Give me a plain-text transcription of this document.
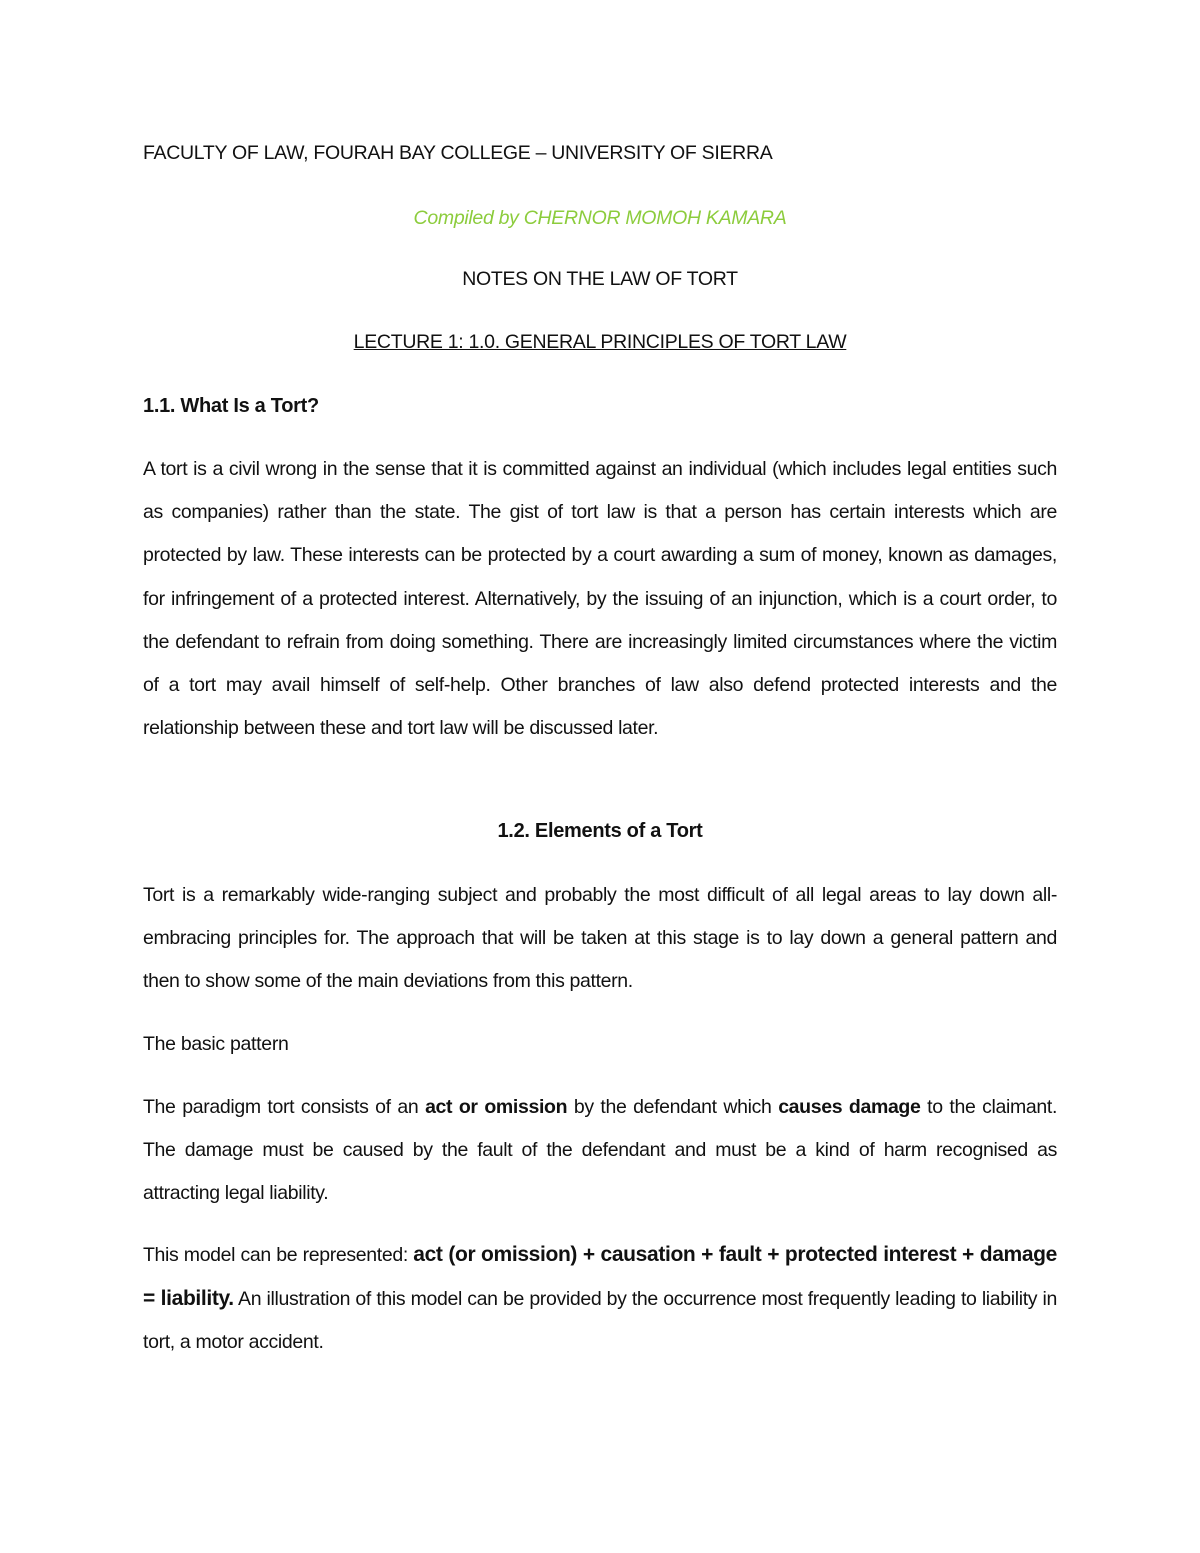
FACULTY OF LAW, FOURAH BAY COLLEGE – UNIVERSITY OF SIERRA
Compiled by CHERNOR MOMOH KAMARA
NOTES ON THE LAW OF TORT
LECTURE 1: 1.0. GENERAL PRINCIPLES OF TORT LAW
1.1. What Is a Tort?

A tort is a civil wrong in the sense that it is committed against an individual (which includes legal entities such as companies) rather than the state. The gist of tort law is that a person has certain interests which are protected by law. These interests can be protected by a court awarding a sum of money, known as damages, for infringement of a protected interest. Alternatively, by the issuing of an injunction, which is a court order, to the defendant to refrain from doing something. There are increasingly limited circumstances where the victim of a tort may avail himself of self-help. Other branches of law also defend protected interests and the relationship between these and tort law will be discussed later.

1.2. Elements of a Tort

Tort is a remarkably wide-ranging subject and probably the most difficult of all legal areas to lay down all-embracing principles for. The approach that will be taken at this stage is to lay down a general pattern and then to show some of the main deviations from this pattern.

The basic pattern

The paradigm tort consists of an act or omission by the defendant which causes damage to the claimant. The damage must be caused by the fault of the defendant and must be a kind of harm recognised as attracting legal liability.

This model can be represented: act (or omission) + causation + fault + protected interest + damage = liability. An illustration of this model can be provided by the occurrence most frequently leading to liability in tort, a motor accident.
